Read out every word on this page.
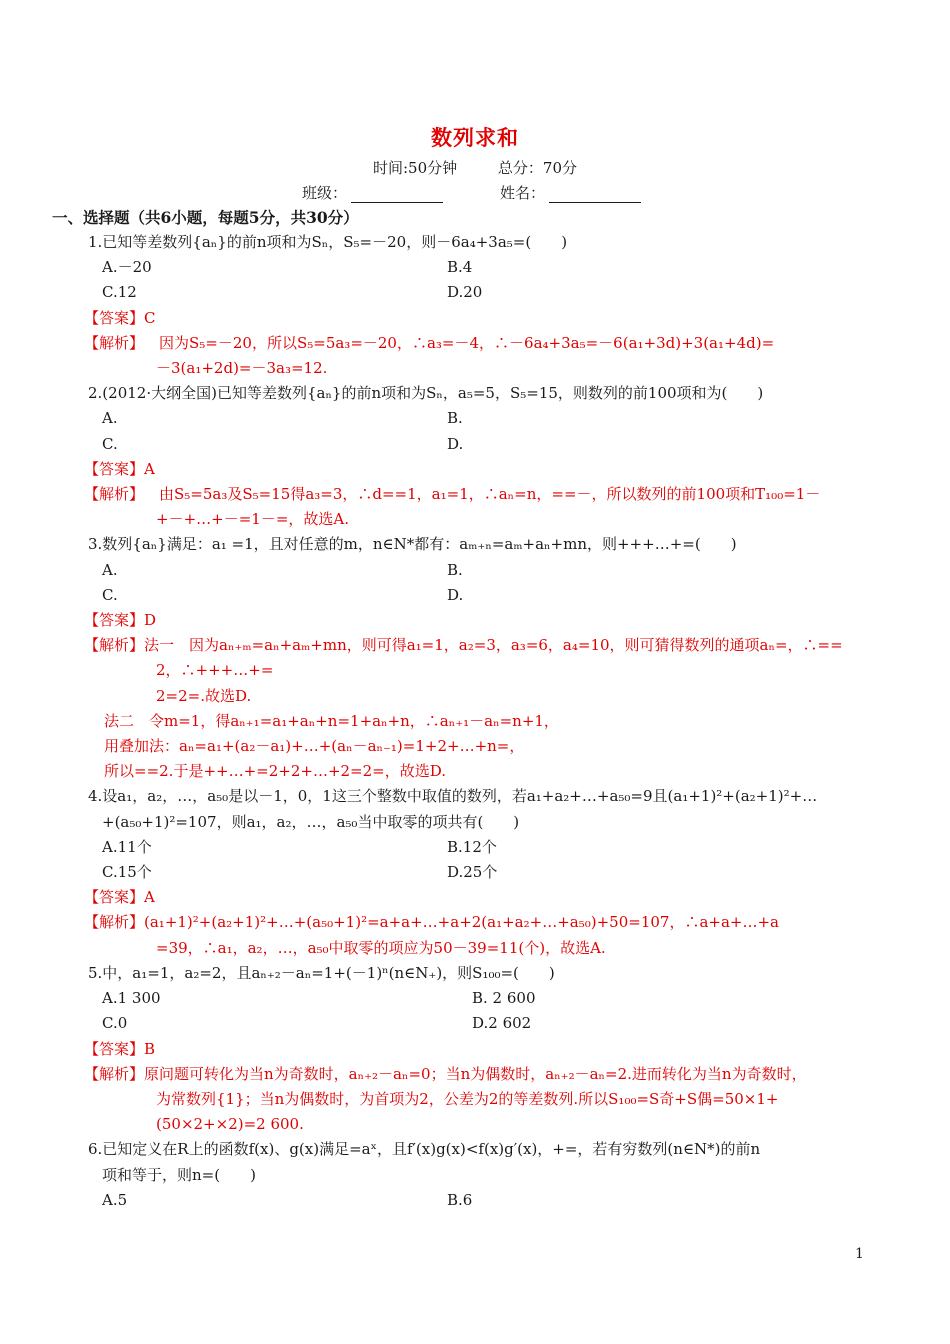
数列求和
时间:50分钟	总分：70分
班级：	姓名：
一、选择题（共6小题，每题5分，共30分）
1.已知等差数列{aₙ}的前n项和为Sₙ，S₅=－20，则－6a₄+3a₅=(　　)
A.－20	B.4
C.12	D.20
【答案】C
【解析】 　因为S₅=－20，所以S₅=5a₃=－20，∴a₃=－4，∴－6a₄+3a₅=－6(a₁+3d)+3(a₁+4d)=
－3(a₁+2d)=－3a₃=12.
2.(2012·大纲全国)已知等差数列{aₙ}的前n项和为Sₙ，a₅=5，S₅=15，则数列的前100项和为(　　)
A.	B.
C.	D.
【答案】A
【解析】 　由S₅=5a₃及S₅=15得a₃=3，∴d==1，a₁=1，∴aₙ=n，==－，所以数列的前100项和T₁₀₀=1－
+－+…+－=1－=，故选A.
3.数列{aₙ}满足：a₁ =1，且对任意的m，n∈N*都有：aₘ₊ₙ=aₘ+aₙ+mn，则+++…+=(　　)
A.	B.
C.	D.
【答案】D
【解析】 法一　因为aₙ₊ₘ=aₙ+aₘ+mn，则可得a₁=1，a₂=3，a₃=6，a₄=10，则可猜得数列的通项aₙ=，∴==
2，∴+++…+=
2=2=.故选D.
法二　令m=1，得aₙ₊₁=a₁+aₙ+n=1+aₙ+n，∴aₙ₊₁－aₙ=n+1，
用叠加法：aₙ=a₁+(a₂－a₁)+…+(aₙ－aₙ₋₁)=1+2+…+n=，
所以==2.于是++…+=2+2+…+2=2=，故选D.
4.设a₁，a₂，…，a₅₀是以－1，0，1这三个整数中取值的数列，若a₁+a₂+…+a₅₀=9且(a₁+1)²+(a₂+1)²+…
+(a₅₀+1)²=107，则a₁，a₂，…，a₅₀当中取零的项共有(　　)
A.11个	B.12个
C.15个	D.25个
【答案】A
【解析】 (a₁+1)²+(a₂+1)²+…+(a₅₀+1)²=a+a+…+a+2(a₁+a₂+…+a₅₀)+50=107，∴a+a+…+a
=39，∴a₁，a₂，…，a₅₀中取零的项应为50－39=11(个)，故选A.
5.中，a₁=1，a₂=2，且aₙ₊₂－aₙ=1+(－1)ⁿ(n∈N₊)，则S₁₀₀=(　　)
A.1 300	B. 2 600
C.0	D.2 602
【答案】B
【解析】 原问题可转化为当n为奇数时，aₙ₊₂－aₙ=0；当n为偶数时，aₙ₊₂－aₙ=2.进而转化为当n为奇数时，
为常数列{1}；当n为偶数时，为首项为2，公差为2的等差数列.所以S₁₀₀=S奇+S偶=50×1+
(50×2+×2)=2 600.
6.已知定义在R上的函数f(x)、g(x)满足=aˣ，且f′(x)g(x)<f(x)g′(x)，+=，若有穷数列(n∈N*)的前n
项和等于，则n=(　　)
A.5	B.6
1
